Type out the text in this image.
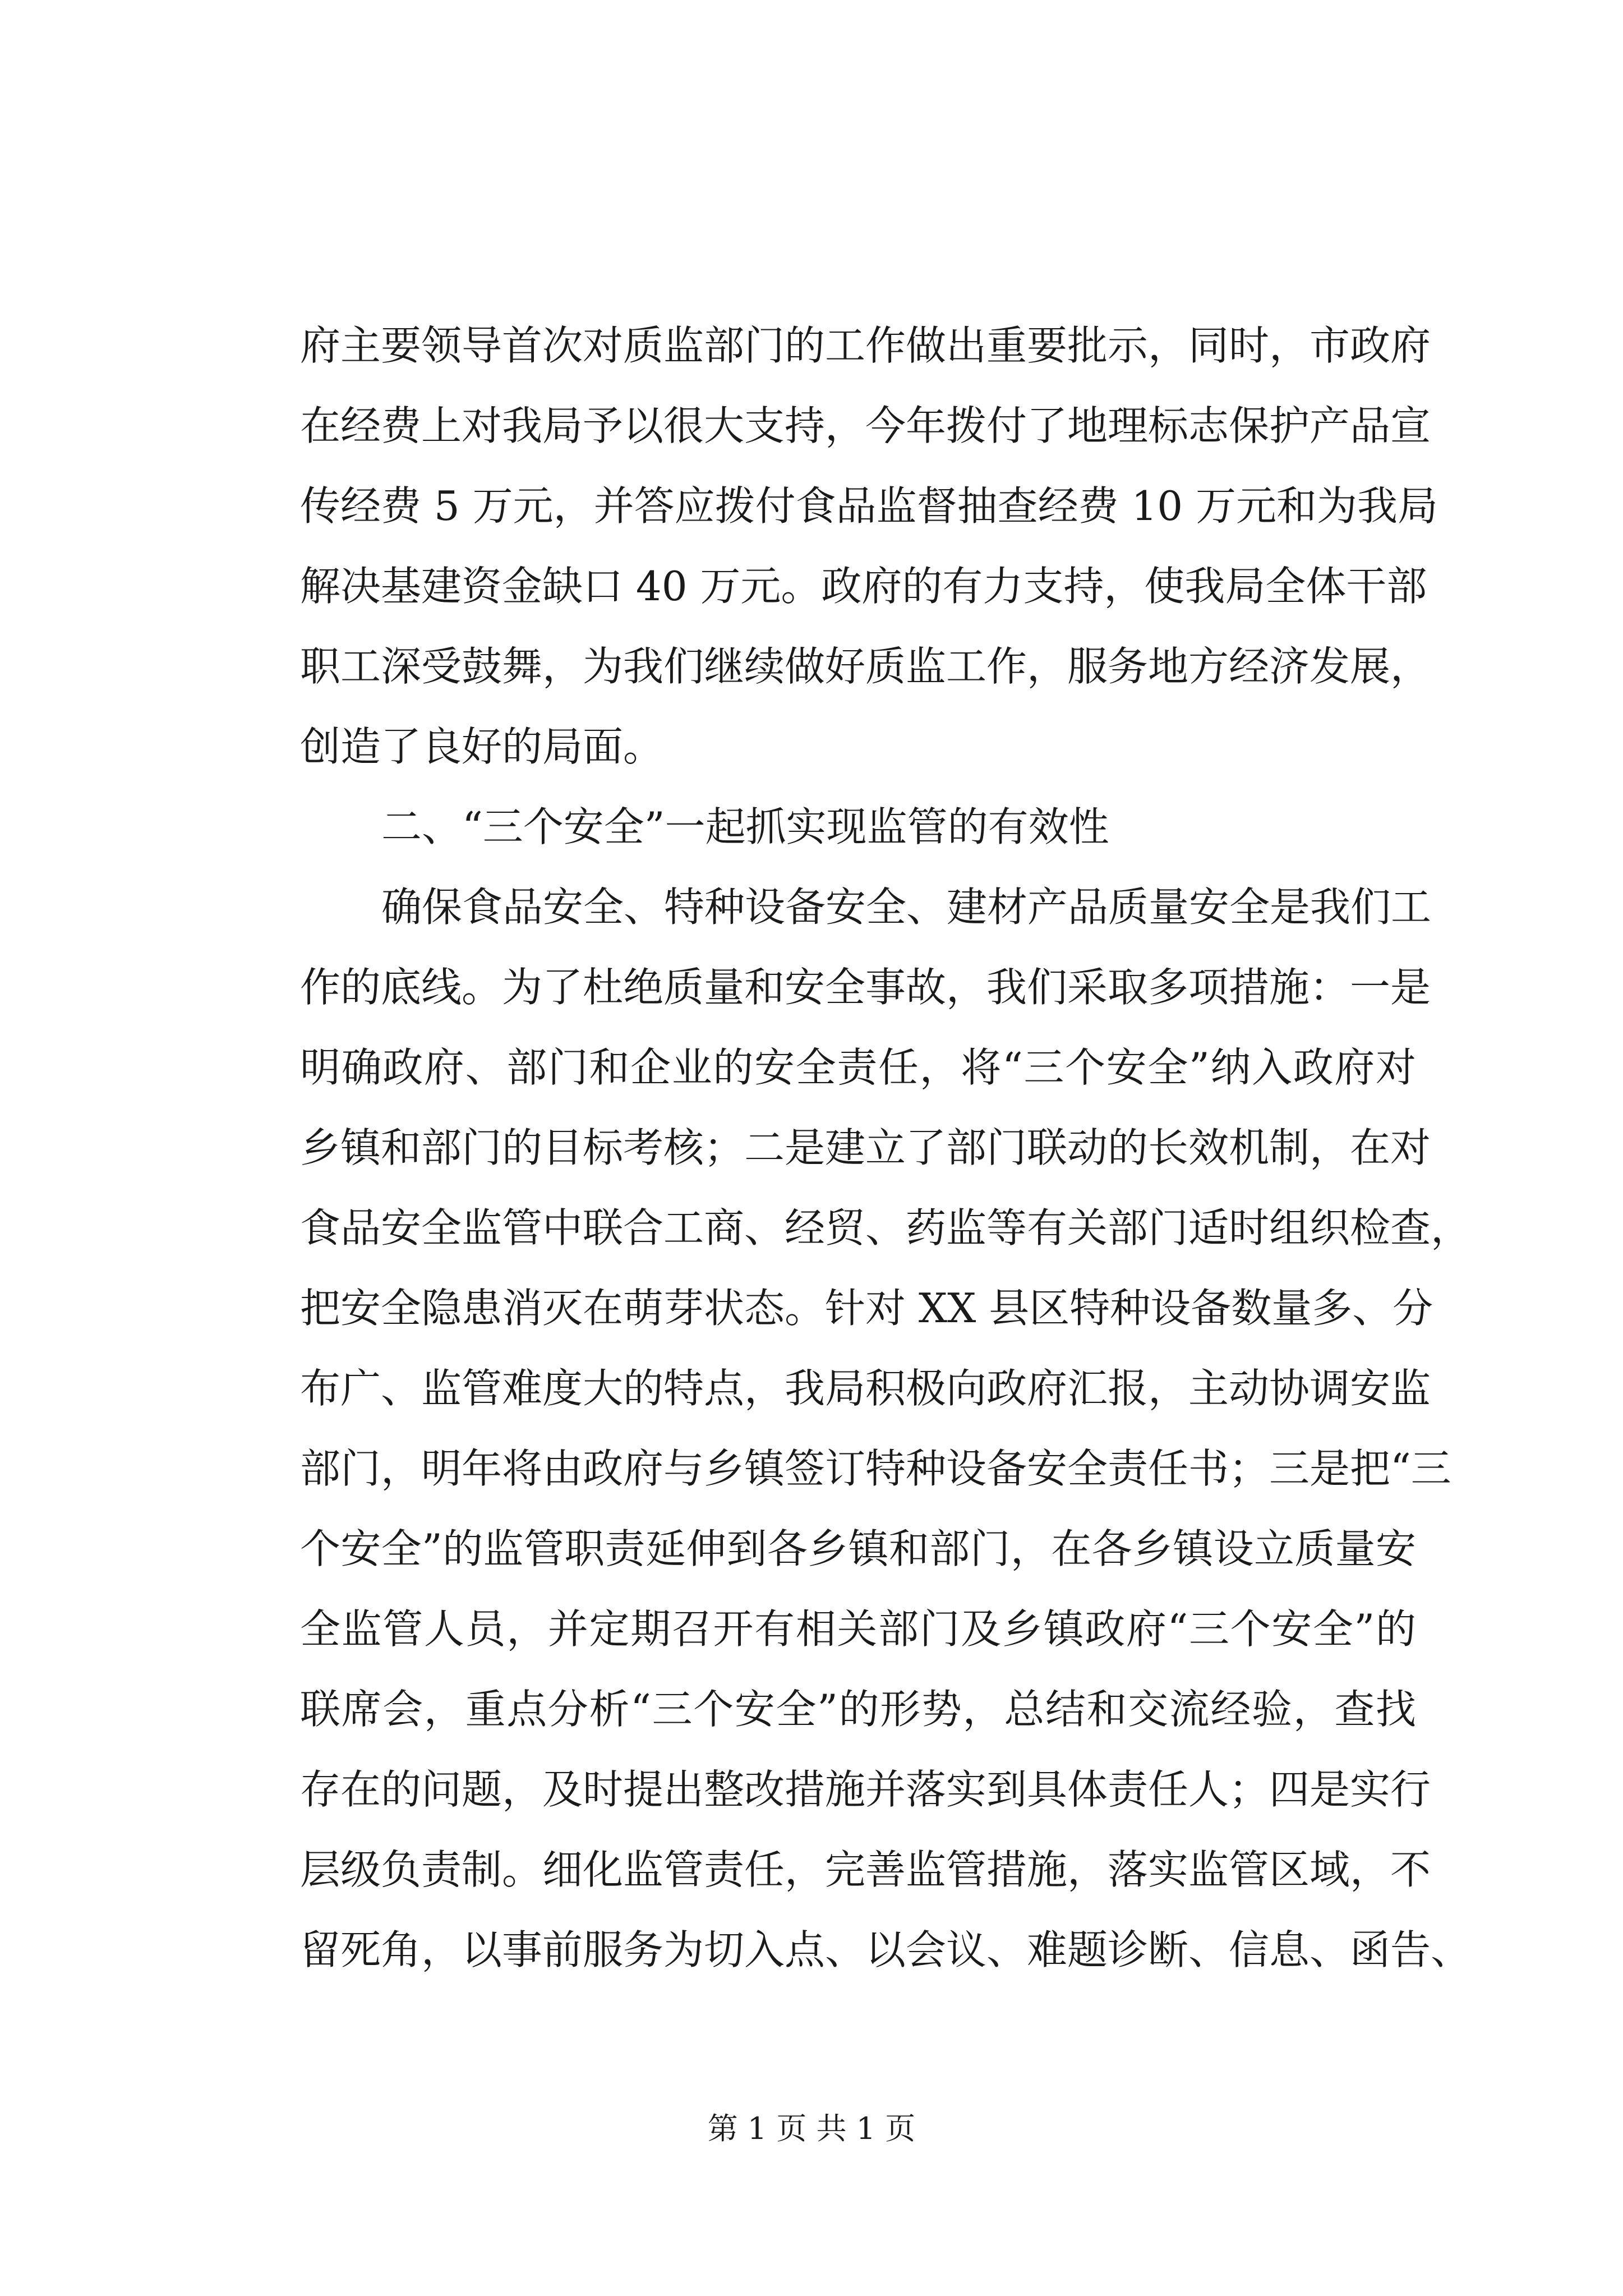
府主要领导首次对质监部门的工作做出重要批示，同时，市政府
在经费上对我局予以很大支持，今年拨付了地理标志保护产品宣
传经费 5 万元，并答应拨付食品监督抽查经费 10 万元和为我局
解决基建资金缺口 40 万元。政府的有力支持，使我局全体干部
职工深受鼓舞，为我们继续做好质监工作，服务地方经济发展，
创造了良好的局面。
二、“三个安全”一起抓实现监管的有效性
确保食品安全、特种设备安全、建材产品质量安全是我们工
作的底线。为了杜绝质量和安全事故，我们采取多项措施：一是
明确政府、部门和企业的安全责任，将“三个安全”纳入政府对
乡镇和部门的目标考核；二是建立了部门联动的长效机制，在对
食品安全监管中联合工商、经贸、药监等有关部门适时组织检查，
把安全隐患消灭在萌芽状态。针对 XX 县区特种设备数量多、分
布广、监管难度大的特点，我局积极向政府汇报，主动协调安监
部门，明年将由政府与乡镇签订特种设备安全责任书；三是把“三
个安全”的监管职责延伸到各乡镇和部门，在各乡镇设立质量安
全监管人员，并定期召开有相关部门及乡镇政府“三个安全”的
联席会，重点分析“三个安全”的形势，总结和交流经验，查找
存在的问题，及时提出整改措施并落实到具体责任人；四是实行
层级负责制。细化监管责任，完善监管措施，落实监管区域，不
留死角，以事前服务为切入点、以会议、难题诊断、信息、函告、
第 1 页 共 1 页
